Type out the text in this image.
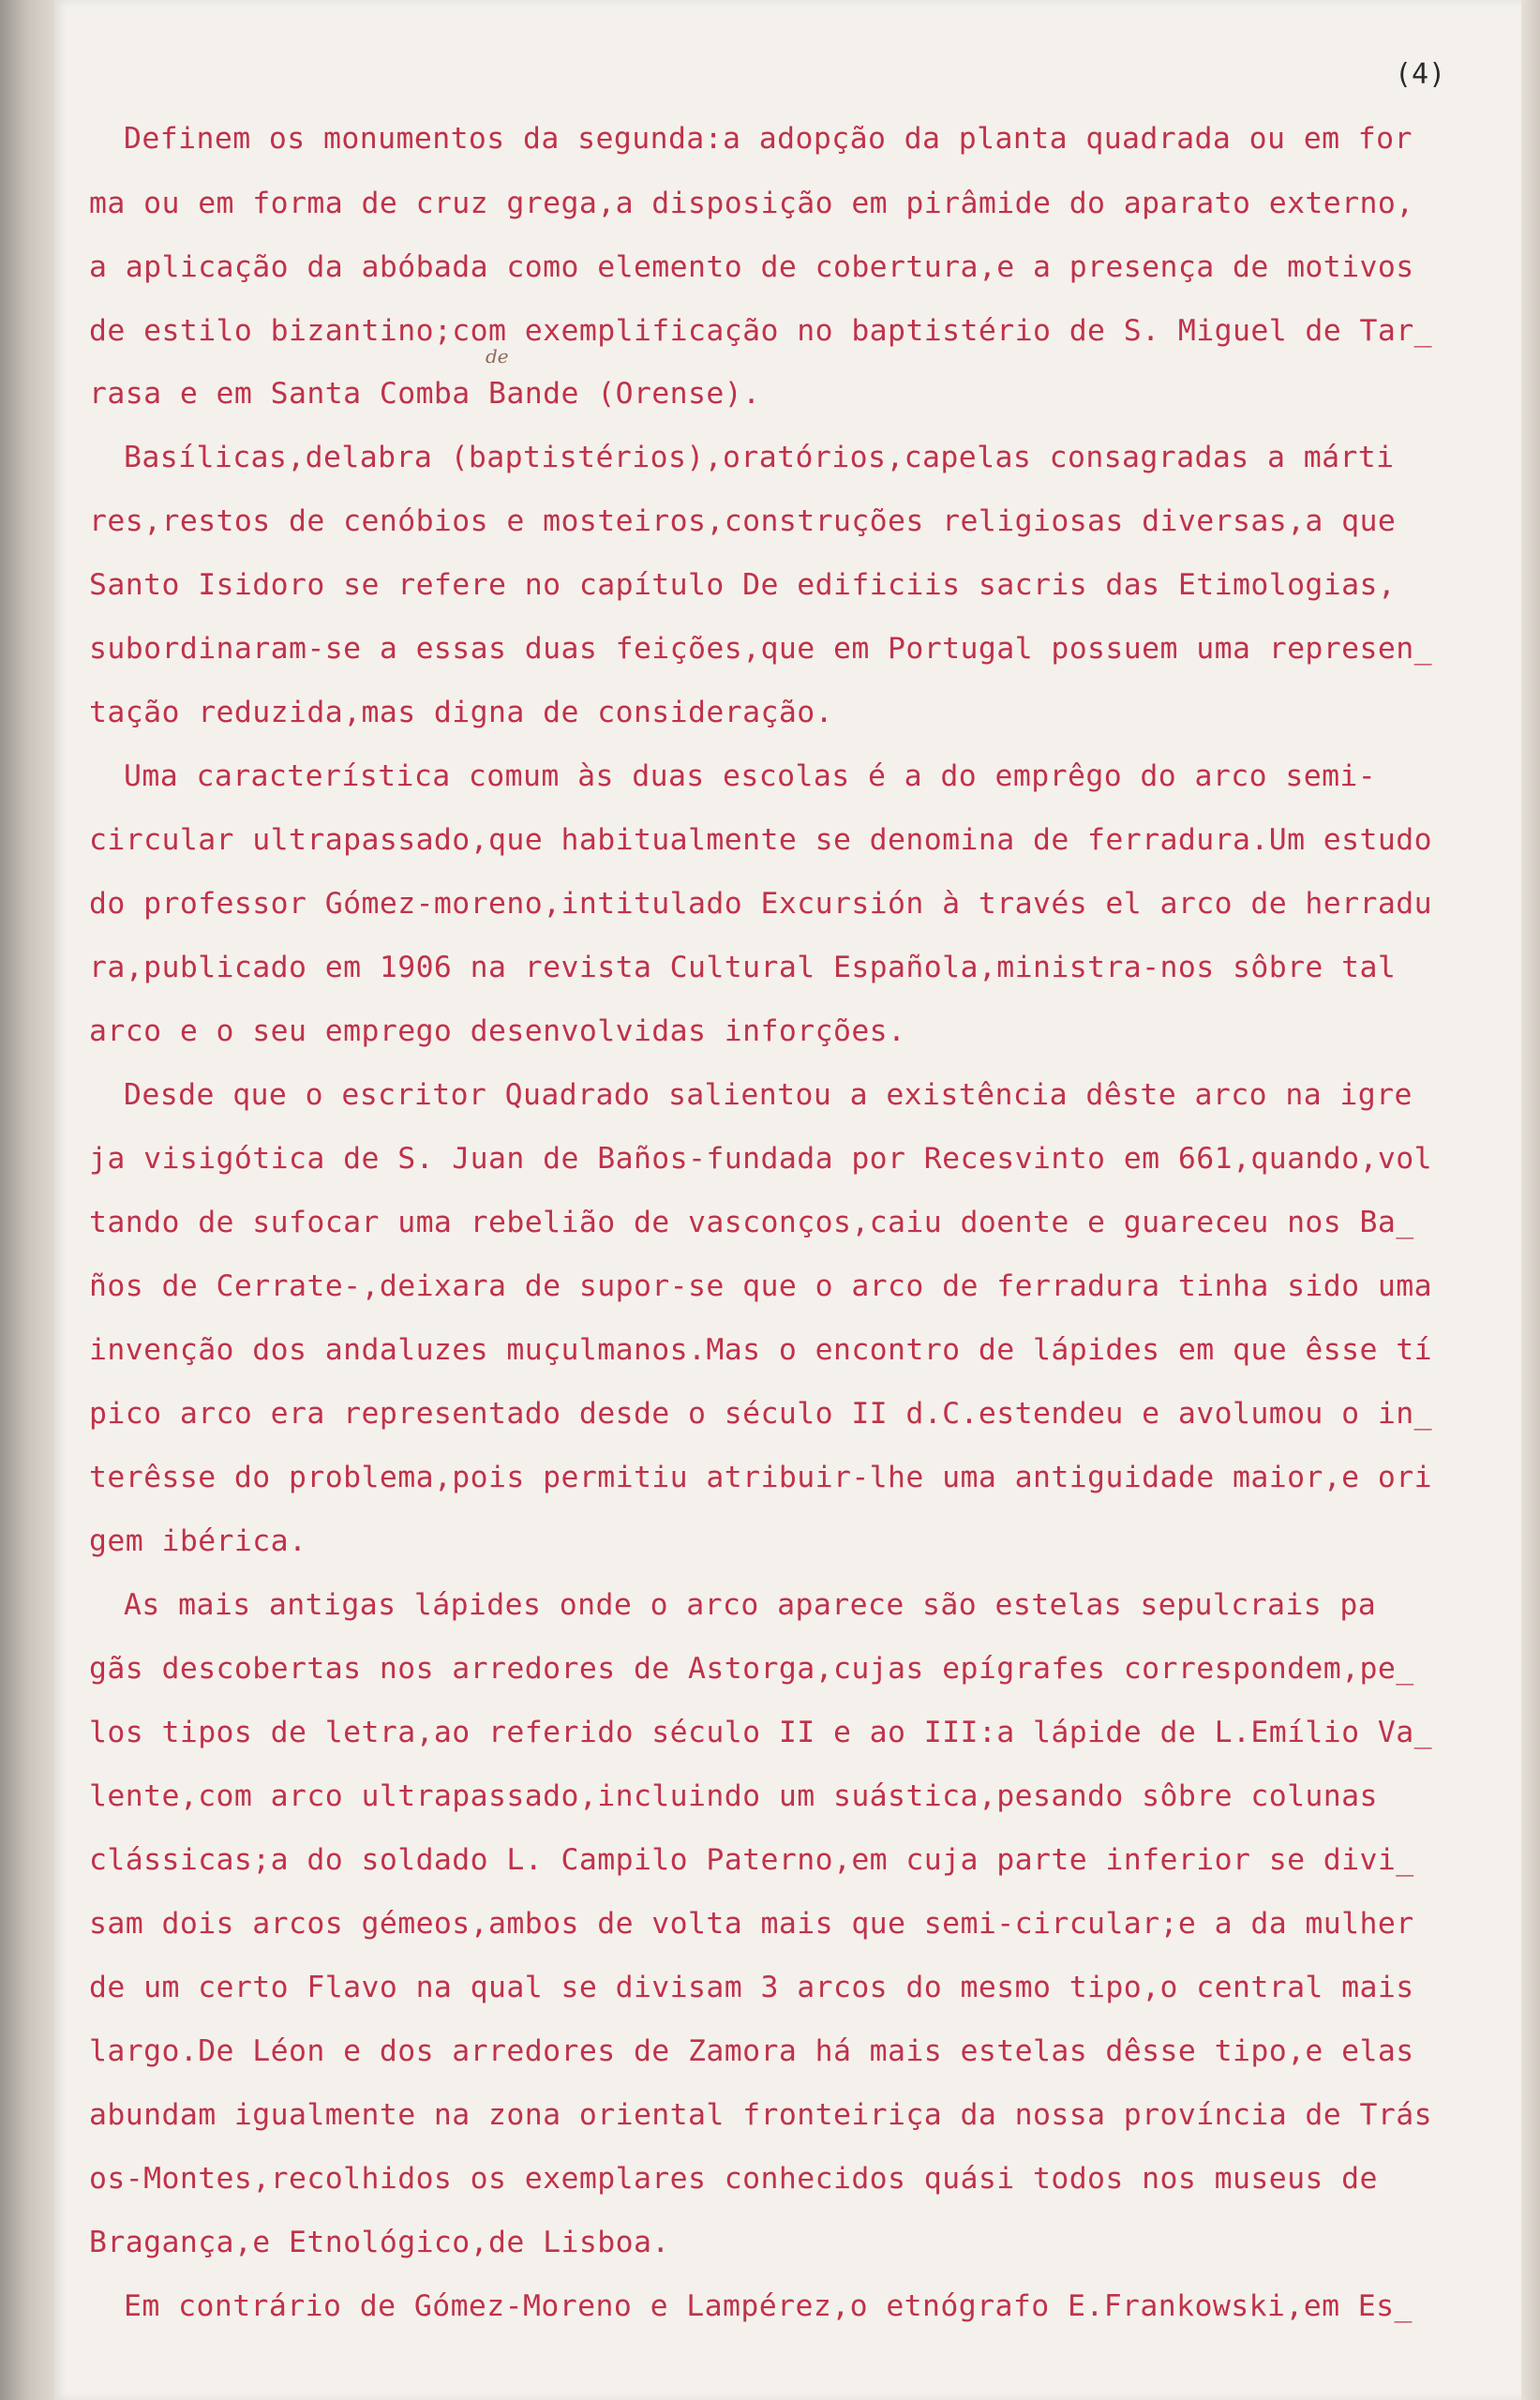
(4)
de
Definem os monumentos da segunda:a adopção da planta quadrada ou em for
ma ou em forma de cruz grega,a disposição em pirâmide do aparato externo,
a aplicação da abóbada como elemento de cobertura,e a presença de motivos
de estilo bizantino;com exemplificação no baptistério de S. Miguel de Tar_
rasa e em Santa Comba Bande (Orense).
Basílicas,delabra (baptistérios),oratórios,capelas consagradas a márti
res,restos de cenóbios e mosteiros,construções religiosas diversas,a que
Santo Isidoro se refere no capítulo De edificiis sacris das Etimologias,
subordinaram-se a essas duas feições,que em Portugal possuem uma represen_
tação reduzida,mas digna de consideração.
Uma característica comum às duas escolas é a do emprêgo do arco semi-
circular ultrapassado,que habitualmente se denomina de ferradura.Um estudo
do professor Gómez-moreno,intitulado Excursión à través el arco de herradu
ra,publicado em 1906 na revista Cultural Española,ministra-nos sôbre tal
arco e o seu emprego desenvolvidas inforções.
Desde que o escritor Quadrado salientou a existência dêste arco na igre
ja visigótica de S. Juan de Baños-fundada por Recesvinto em 661,quando,vol
tando de sufocar uma rebelião de vasconços,caiu doente e guareceu nos Ba_
ños de Cerrate-,deixara de supor-se que o arco de ferradura tinha sido uma
invenção dos andaluzes muçulmanos.Mas o encontro de lápides em que êsse tí
pico arco era representado desde o século II d.C.estendeu e avolumou o in_
terêsse do problema,pois permitiu atribuir-lhe uma antiguidade maior,e ori
gem ibérica.
As mais antigas lápides onde o arco aparece são estelas sepulcrais pa
gãs descobertas nos arredores de Astorga,cujas epígrafes correspondem,pe_
los tipos de letra,ao referido século II e ao III:a lápide de L.Emílio Va_
lente,com arco ultrapassado,incluindo um suástica,pesando sôbre colunas
clássicas;a do soldado L. Campilo Paterno,em cuja parte inferior se divi_
sam dois arcos gémeos,ambos de volta mais que semi-circular;e a da mulher
de um certo Flavo na qual se divisam 3 arcos do mesmo tipo,o central mais
largo.De Léon e dos arredores de Zamora há mais estelas dêsse tipo,e elas
abundam igualmente na zona oriental fronteiriça da nossa província de Trás
os-Montes,recolhidos os exemplares conhecidos quási todos nos museus de
Bragança,e Etnológico,de Lisboa.
Em contrário de Gómez-Moreno e Lampérez,o etnógrafo E.Frankowski,em Es_
